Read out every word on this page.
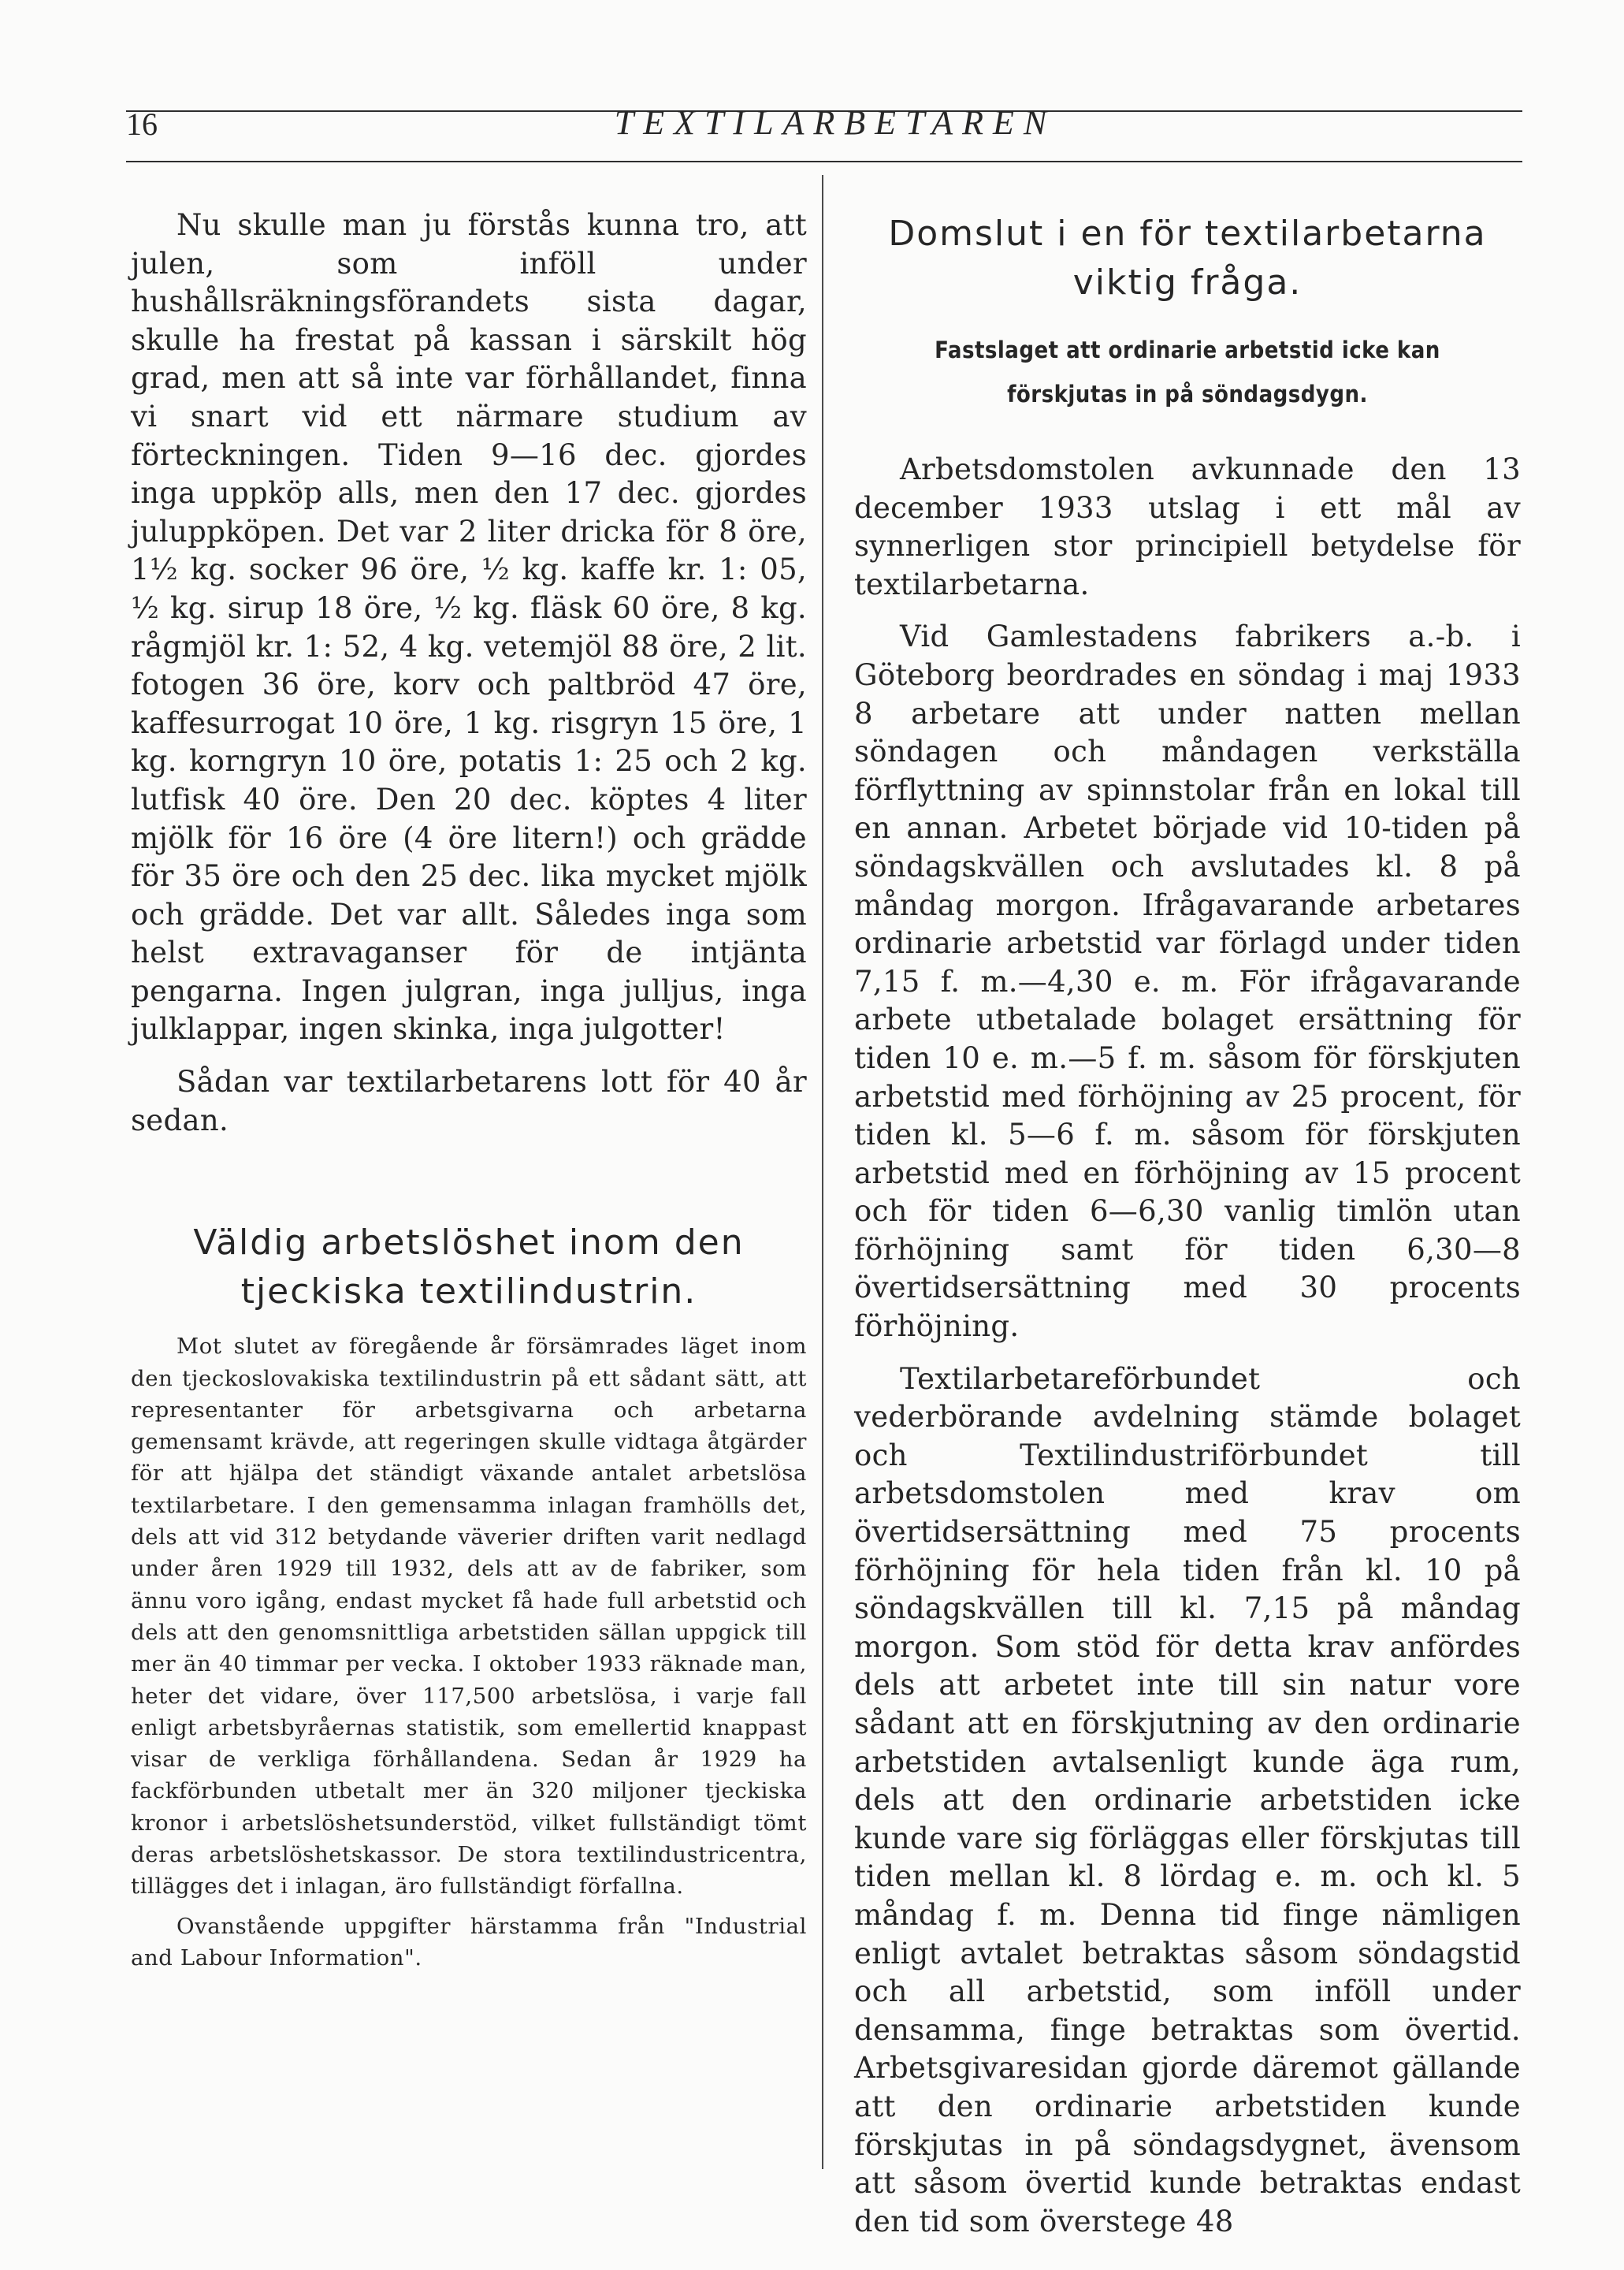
16	TEXTILARBETAREN

Nu skulle man ju förstås kunna tro, att julen, som inföll under hushållsräkningsförandets sista dagar, skulle ha frestat på kassan i särskilt hög grad, men att så inte var förhållandet, finna vi snart vid ett närmare studium av förteckningen. Tiden 9—16 dec. gjordes inga uppköp alls, men den 17 dec. gjordes juluppköpen. Det var 2 liter dricka för 8 öre, 1½ kg. socker 96 öre, ½ kg. kaffe kr. 1: 05, ½ kg. sirup 18 öre, ½ kg. fläsk 60 öre, 8 kg. rågmjöl kr. 1: 52, 4 kg. vetemjöl 88 öre, 2 lit. fotogen 36 öre, korv och paltbröd 47 öre, kaffesurrogat 10 öre, 1 kg. risgryn 15 öre, 1 kg. korngryn 10 öre, potatis 1: 25 och 2 kg. lutfisk 40 öre. Den 20 dec. köptes 4 liter mjölk för 16 öre (4 öre litern!) och grädde för 35 öre och den 25 dec. lika mycket mjölk och grädde. Det var allt. Således inga som helst extravaganser för de intjänta pengarna. Ingen julgran, inga julljus, inga julklappar, ingen skinka, inga julgotter!

Sådan var textilarbetarens lott för 40 år sedan.

Väldig arbetslöshet inom den
tjeckiska textilindustrin.

Mot slutet av föregående år försämrades läget inom den tjeckoslovakiska textilindustrin på ett sådant sätt, att representanter för arbetsgivarna och arbetarna gemensamt krävde, att regeringen skulle vidtaga åtgärder för att hjälpa det ständigt växande antalet arbetslösa textilarbetare. I den gemensamma inlagan framhölls det, dels att vid 312 betydande väverier driften varit nedlagd under åren 1929 till 1932, dels att av de fabriker, som ännu voro igång, endast mycket få hade full arbetstid och dels att den genomsnittliga arbetstiden sällan uppgick till mer än 40 timmar per vecka. I oktober 1933 räknade man, heter det vidare, över 117,500 arbetslösa, i varje fall enligt arbetsbyråernas statistik, som emellertid knappast visar de verkliga förhållandena. Sedan år 1929 ha fackförbunden utbetalt mer än 320 miljoner tjeckiska kronor i arbetslöshetsunderstöd, vilket fullständigt tömt deras arbetslöshetskassor. De stora textilindustricentra, tillägges det i inlagan, äro fullständigt förfallna.

Ovanstående uppgifter härstamma från "Industrial and Labour Information".

Domslut i en för textilarbetarna
viktig fråga.
Fastslaget att ordinarie arbetstid icke kan
förskjutas in på söndagsdygn.

Arbetsdomstolen avkunnade den 13 december 1933 utslag i ett mål av synnerligen stor principiell betydelse för textilarbetarna.

Vid Gamlestadens fabrikers a.-b. i Göteborg beordrades en söndag i maj 1933 8 arbetare att under natten mellan söndagen och måndagen verkställa förflyttning av spinnstolar från en lokal till en annan. Arbetet började vid 10-tiden på söndagskvällen och avslutades kl. 8 på måndag morgon. Ifrågavarande arbetares ordinarie arbetstid var förlagd under tiden 7,15 f. m.—4,30 e. m. För ifrågavarande arbete utbetalade bolaget ersättning för tiden 10 e. m.—5 f. m. såsom för förskjuten arbetstid med förhöjning av 25 procent, för tiden kl. 5—6 f. m. såsom för förskjuten arbetstid med en förhöjning av 15 procent och för tiden 6—6,30 vanlig timlön utan förhöjning samt för tiden 6,30—8 övertidsersättning med 30 procents förhöjning.

Textilarbetareförbundet och vederbörande avdelning stämde bolaget och Textilindustriförbundet till arbetsdomstolen med krav om övertidsersättning med 75 procents förhöjning för hela tiden från kl. 10 på söndagskvällen till kl. 7,15 på måndag morgon. Som stöd för detta krav anfördes dels att arbetet inte till sin natur vore sådant att en förskjutning av den ordinarie arbetstiden avtalsenligt kunde äga rum, dels att den ordinarie arbetstiden icke kunde vare sig förläggas eller förskjutas till tiden mellan kl. 8 lördag e. m. och kl. 5 måndag f. m. Denna tid finge nämligen enligt avtalet betraktas såsom söndagstid och all arbetstid, som inföll under densamma, finge betraktas som övertid. Arbetsgivaresidan gjorde däremot gällande att den ordinarie arbetstiden kunde förskjutas in på söndagsdygnet, ävensom att såsom övertid kunde betraktas endast den tid som överstege 48
